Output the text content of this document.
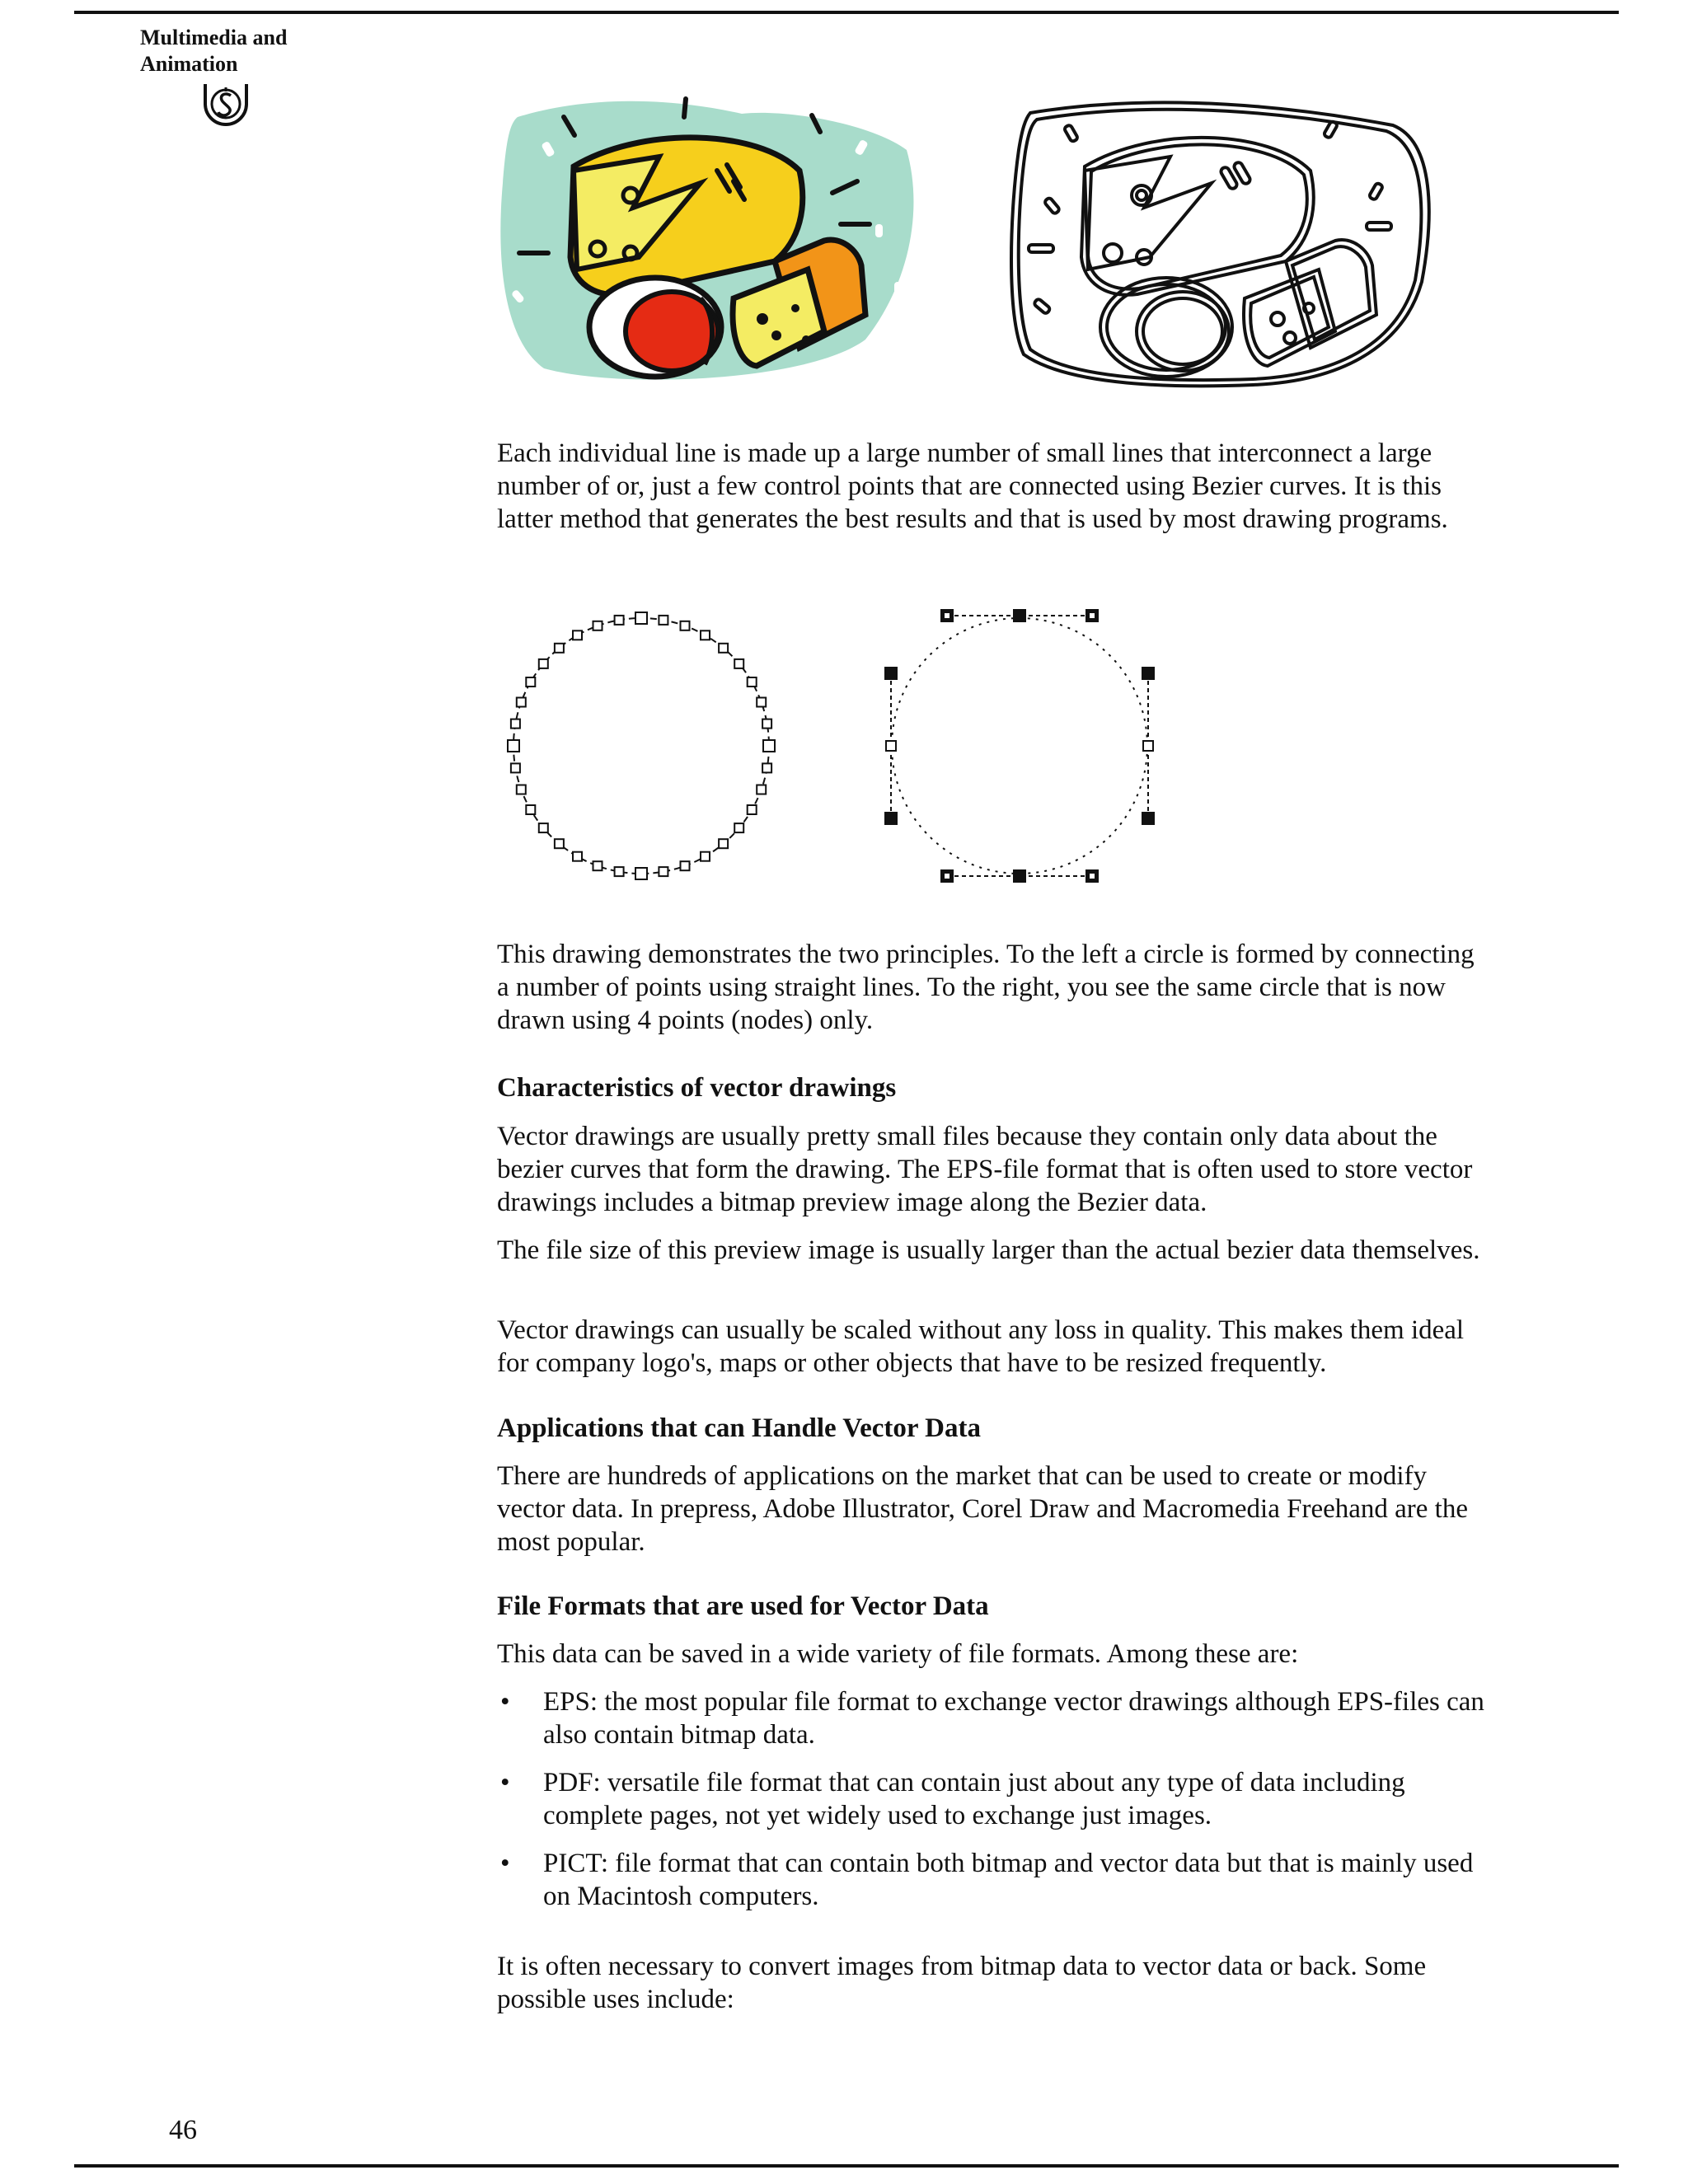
Multimedia and
Animation

Each individual line is made up a large number of small lines that interconnect a large number of or, just a few control points that are connected using Bezier curves. It is this latter method that generates the best results and that is used by most drawing programs.

This drawing demonstrates the two principles. To the left a circle is formed by connecting a number of points using straight lines. To the right, you see the same circle that is now drawn using 4 points (nodes) only.

Characteristics of vector drawings

Vector drawings are usually pretty small files because they contain only data about the bezier curves that form the drawing. The EPS-file format that is often used to store vector drawings includes a bitmap preview image along the Bezier data.

The file size of this preview image is usually larger than the actual bezier data themselves.

Vector drawings can usually be scaled without any loss in quality. This makes them ideal for company logo's, maps or other objects that have to be resized frequently.

Applications that can Handle Vector Data

There are hundreds of applications on the market that can be used to create or modify vector data. In prepress, Adobe Illustrator, Corel Draw and Macromedia Freehand are the most popular.

File Formats that are used for Vector Data

This data can be saved in a wide variety of file formats. Among these are:

• EPS: the most popular file format to exchange vector drawings although EPS-files can also contain bitmap data.
• PDF: versatile file format that can contain just about any type of data including complete pages, not yet widely used to exchange just images.
• PICT: file format that can contain both bitmap and vector data but that is mainly used on Macintosh computers.

It is often necessary to convert images from bitmap data to vector data or back. Some possible uses include:

46
